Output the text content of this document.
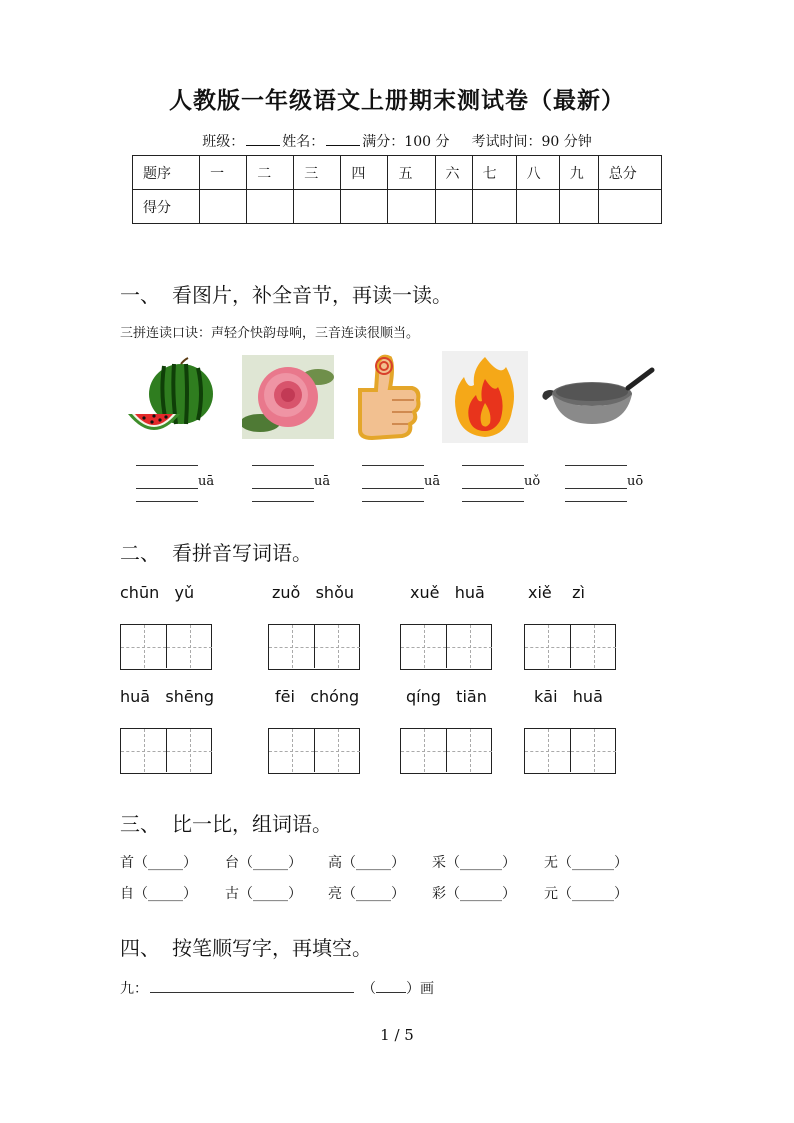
人教版一年级语文上册期末测试卷（最新）
班级：	姓名：	满分：100 分 考试时间：90 分钟
题序	一	二	三	四	五	六	七	八	九	总分
得分										
一、 看图片，补全音节，再读一读。
三拼连读口诀：声轻介快韵母响，三音连读很顺当。
uā	uā	uā	uǒ	uō
二、 看拼音写词语。
chūn yǔ	zuǒ shǒu	xuě huā	xiě zì
huā shēng	fēi chóng	qíng tiān	kāi huā
三、 比一比，组词语。
首（_____） 台（_____） 高（_____） 采（______） 无（______）
自（_____） 古（_____） 亮（_____） 彩（______） 元（______）
四、 按笔顺写字，再填空。
九：	（ ）画
1 / 5
